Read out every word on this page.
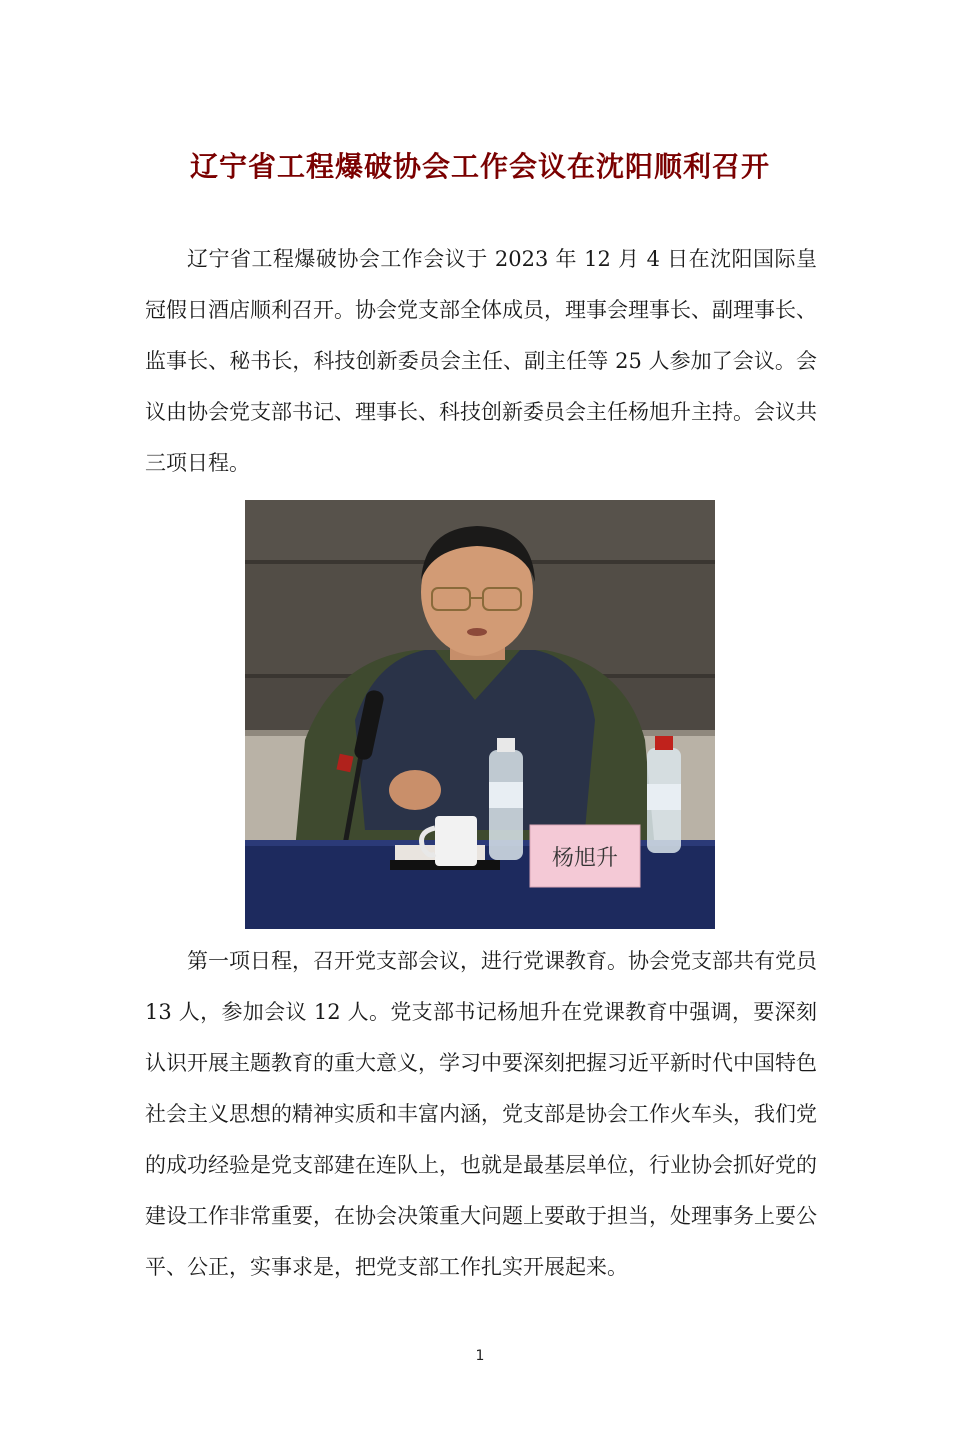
辽宁省工程爆破协会工作会议在沈阳顺利召开

辽宁省工程爆破协会工作会议于 2023 年 12 月 4 日在沈阳国际皇冠假日酒店顺利召开。协会党支部全体成员，理事会理事长、副理事长、监事长、秘书长，科技创新委员会主任、副主任等 25 人参加了会议。会议由协会党支部书记、理事长、科技创新委员会主任杨旭升主持。会议共三项日程。

杨旭升

第一项日程，召开党支部会议，进行党课教育。协会党支部共有党员 13 人，参加会议 12 人。党支部书记杨旭升在党课教育中强调，要深刻认识开展主题教育的重大意义，学习中要深刻把握习近平新时代中国特色社会主义思想的精神实质和丰富内涵，党支部是协会工作火车头，我们党的成功经验是党支部建在连队上，也就是最基层单位，行业协会抓好党的建设工作非常重要，在协会决策重大问题上要敢于担当，处理事务上要公平、公正，实事求是，把党支部工作扎实开展起来。

1
